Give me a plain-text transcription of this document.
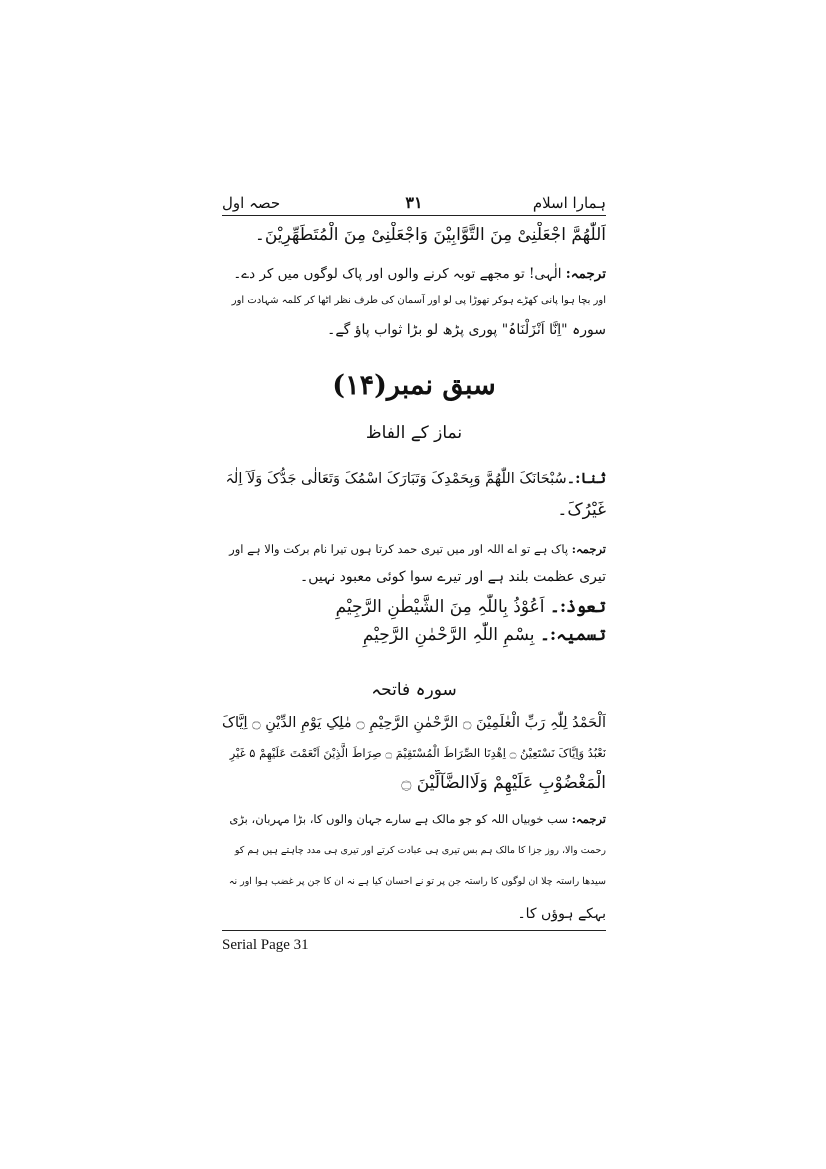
ہمارا اسلام
۳۱
حصہ اول
اَللّٰھُمَّ اجْعَلْنِیْ مِنَ التَّوَّابِیْنَ وَاجْعَلْنِیْ مِنَ الْمُتَطَھِّرِیْنَ۔
ترجمہ: الٰہی! تو مجھے توبہ کرنے والوں اور پاک لوگوں میں کر دے۔
اور بچا ہوا پانی کھڑے ہوکر تھوڑا پی لو اور آسمان کی طرف نظر اٹھا کر کلمہ شہادت اور
سورہ "اِنَّا اَنْزَلْنَاہُ" پوری پڑھ لو بڑا ثواب پاؤ گے۔
سبق نمبر(۱۴)
نماز کے الفاظ
ثنا:۔سُبْحَانَکَ اللّٰھُمَّ وَبِحَمْدِکَ وَتَبَارَکَ اسْمُکَ وَتَعَالٰی جَدُّکَ وَلَآ اِلٰہَ
غَیْرُکَ۔
ترجمہ: پاک ہے تو اے اللہ اور میں تیری حمد کرتا ہوں تیرا نام برکت والا ہے اور
تیری عظمت بلند ہے اور تیرے سوا کوئی معبود نہیں۔
تعوذ:۔ اَعُوْذُ بِاللّٰہِ مِنَ الشَّیْطٰنِ الرَّجِیْمِ
تسمیہ:۔ بِسْمِ اللّٰہِ الرَّحْمٰنِ الرَّحِیْمِ
سورہ فاتحہ
اَلْحَمْدُ لِلّٰہِ رَبِّ الْعٰلَمِیْنَ ۝ الرَّحْمٰنِ الرَّحِیْمِ ۝ مٰلِکِ یَوْمِ الدِّیْنِ ۝ اِیَّاکَ
نَعْبُدُ وَاِیَّاکَ نَسْتَعِیْنُ ۝ اِھْدِنَا الصِّرَاطَ الْمُسْتَقِیْمَ ۝ صِرَاطَ الَّذِیْنَ اَنْعَمْتَ عَلَیْھِمْ ۵ غَیْرِ
الْمَغْضُوْبِ عَلَیْھِمْ وَلَاالضَّآلِّیْنَ ۝
ترجمہ: سب خوبیاں اللہ کو جو مالک ہے سارے جہان والوں کا، بڑا مہربان، بڑی
رحمت والا، روز جزا کا مالک ہم بس تیری ہی عبادت کرتے اور تیری ہی مدد چاہتے ہیں ہم کو
سیدھا راستہ چلا ان لوگوں کا راستہ جن پر تو نے احسان کیا ہے نہ ان کا جن پر غضب ہوا اور نہ
بہکے ہوؤں کا۔
Serial Page 31
